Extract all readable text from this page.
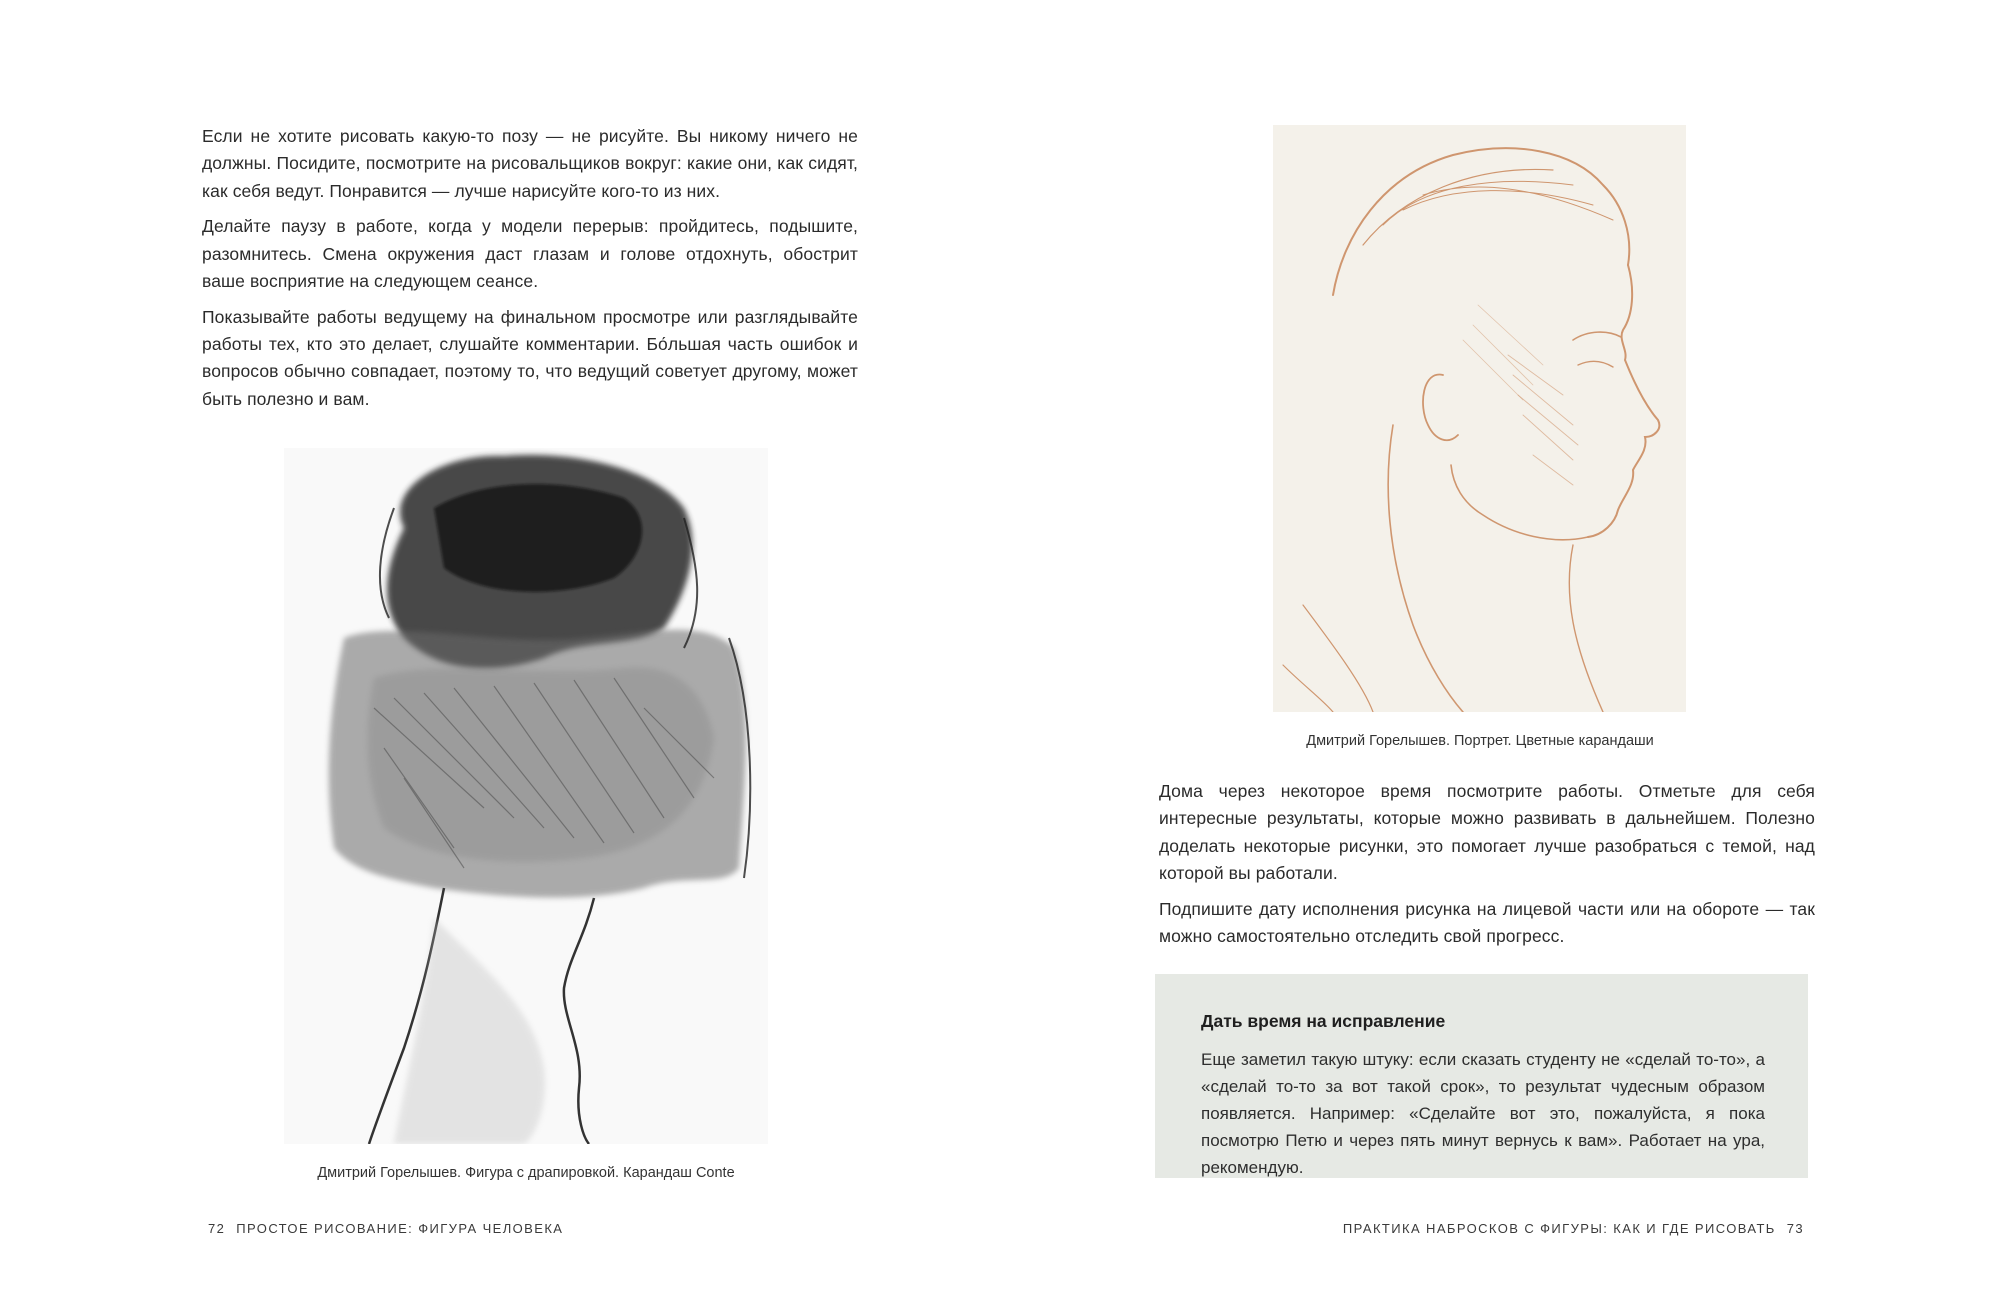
Если не хотите рисовать какую-то позу — не рисуйте. Вы никому ничего не должны. Посидите, посмотрите на рисовальщиков вокруг: какие они, как сидят, как себя ведут. Понравится — лучше нарисуйте кого-то из них.

Делайте паузу в работе, когда у модели перерыв: пройдитесь, подышите, разомнитесь. Смена окружения даст глазам и голове отдохнуть, обострит ваше восприятие на следующем сеансе.

Показывайте работы ведущему на финальном просмотре или разглядывайте работы тех, кто это делает, слушайте комментарии. Бо́льшая часть ошибок и вопросов обычно совпадает, поэтому то, что ведущий советует другому, может быть полезно и вам.

Дмитрий Горелышев. Фигура с драпировкой. Карандаш Conte
72 ПРОСТОЕ РИСОВАНИЕ: ФИГУРА ЧЕЛОВЕКА
Дмитрий Горелышев. Портрет. Цветные карандаши

Дома через некоторое время посмотрите работы. Отметьте для себя интересные результаты, которые можно развивать в дальнейшем. Полезно доделать некоторые рисунки, это помогает лучше разобраться с темой, над которой вы работали.

Подпишите дату исполнения рисунка на лицевой части или на обороте — так можно самостоятельно отследить свой прогресс.

Дать время на исправление
Еще заметил такую штуку: если сказать студенту не «сделай то-то», а «сделай то-то за вот такой срок», то результат чудесным образом появляется. Например: «Сделайте вот это, пожалуйста, я пока посмотрю Петю и через пять минут вернусь к вам». Работает на ура, рекомендую.
ПРАКТИКА НАБРОСКОВ С ФИГУРЫ: КАК И ГДЕ РИСОВАТЬ 73
